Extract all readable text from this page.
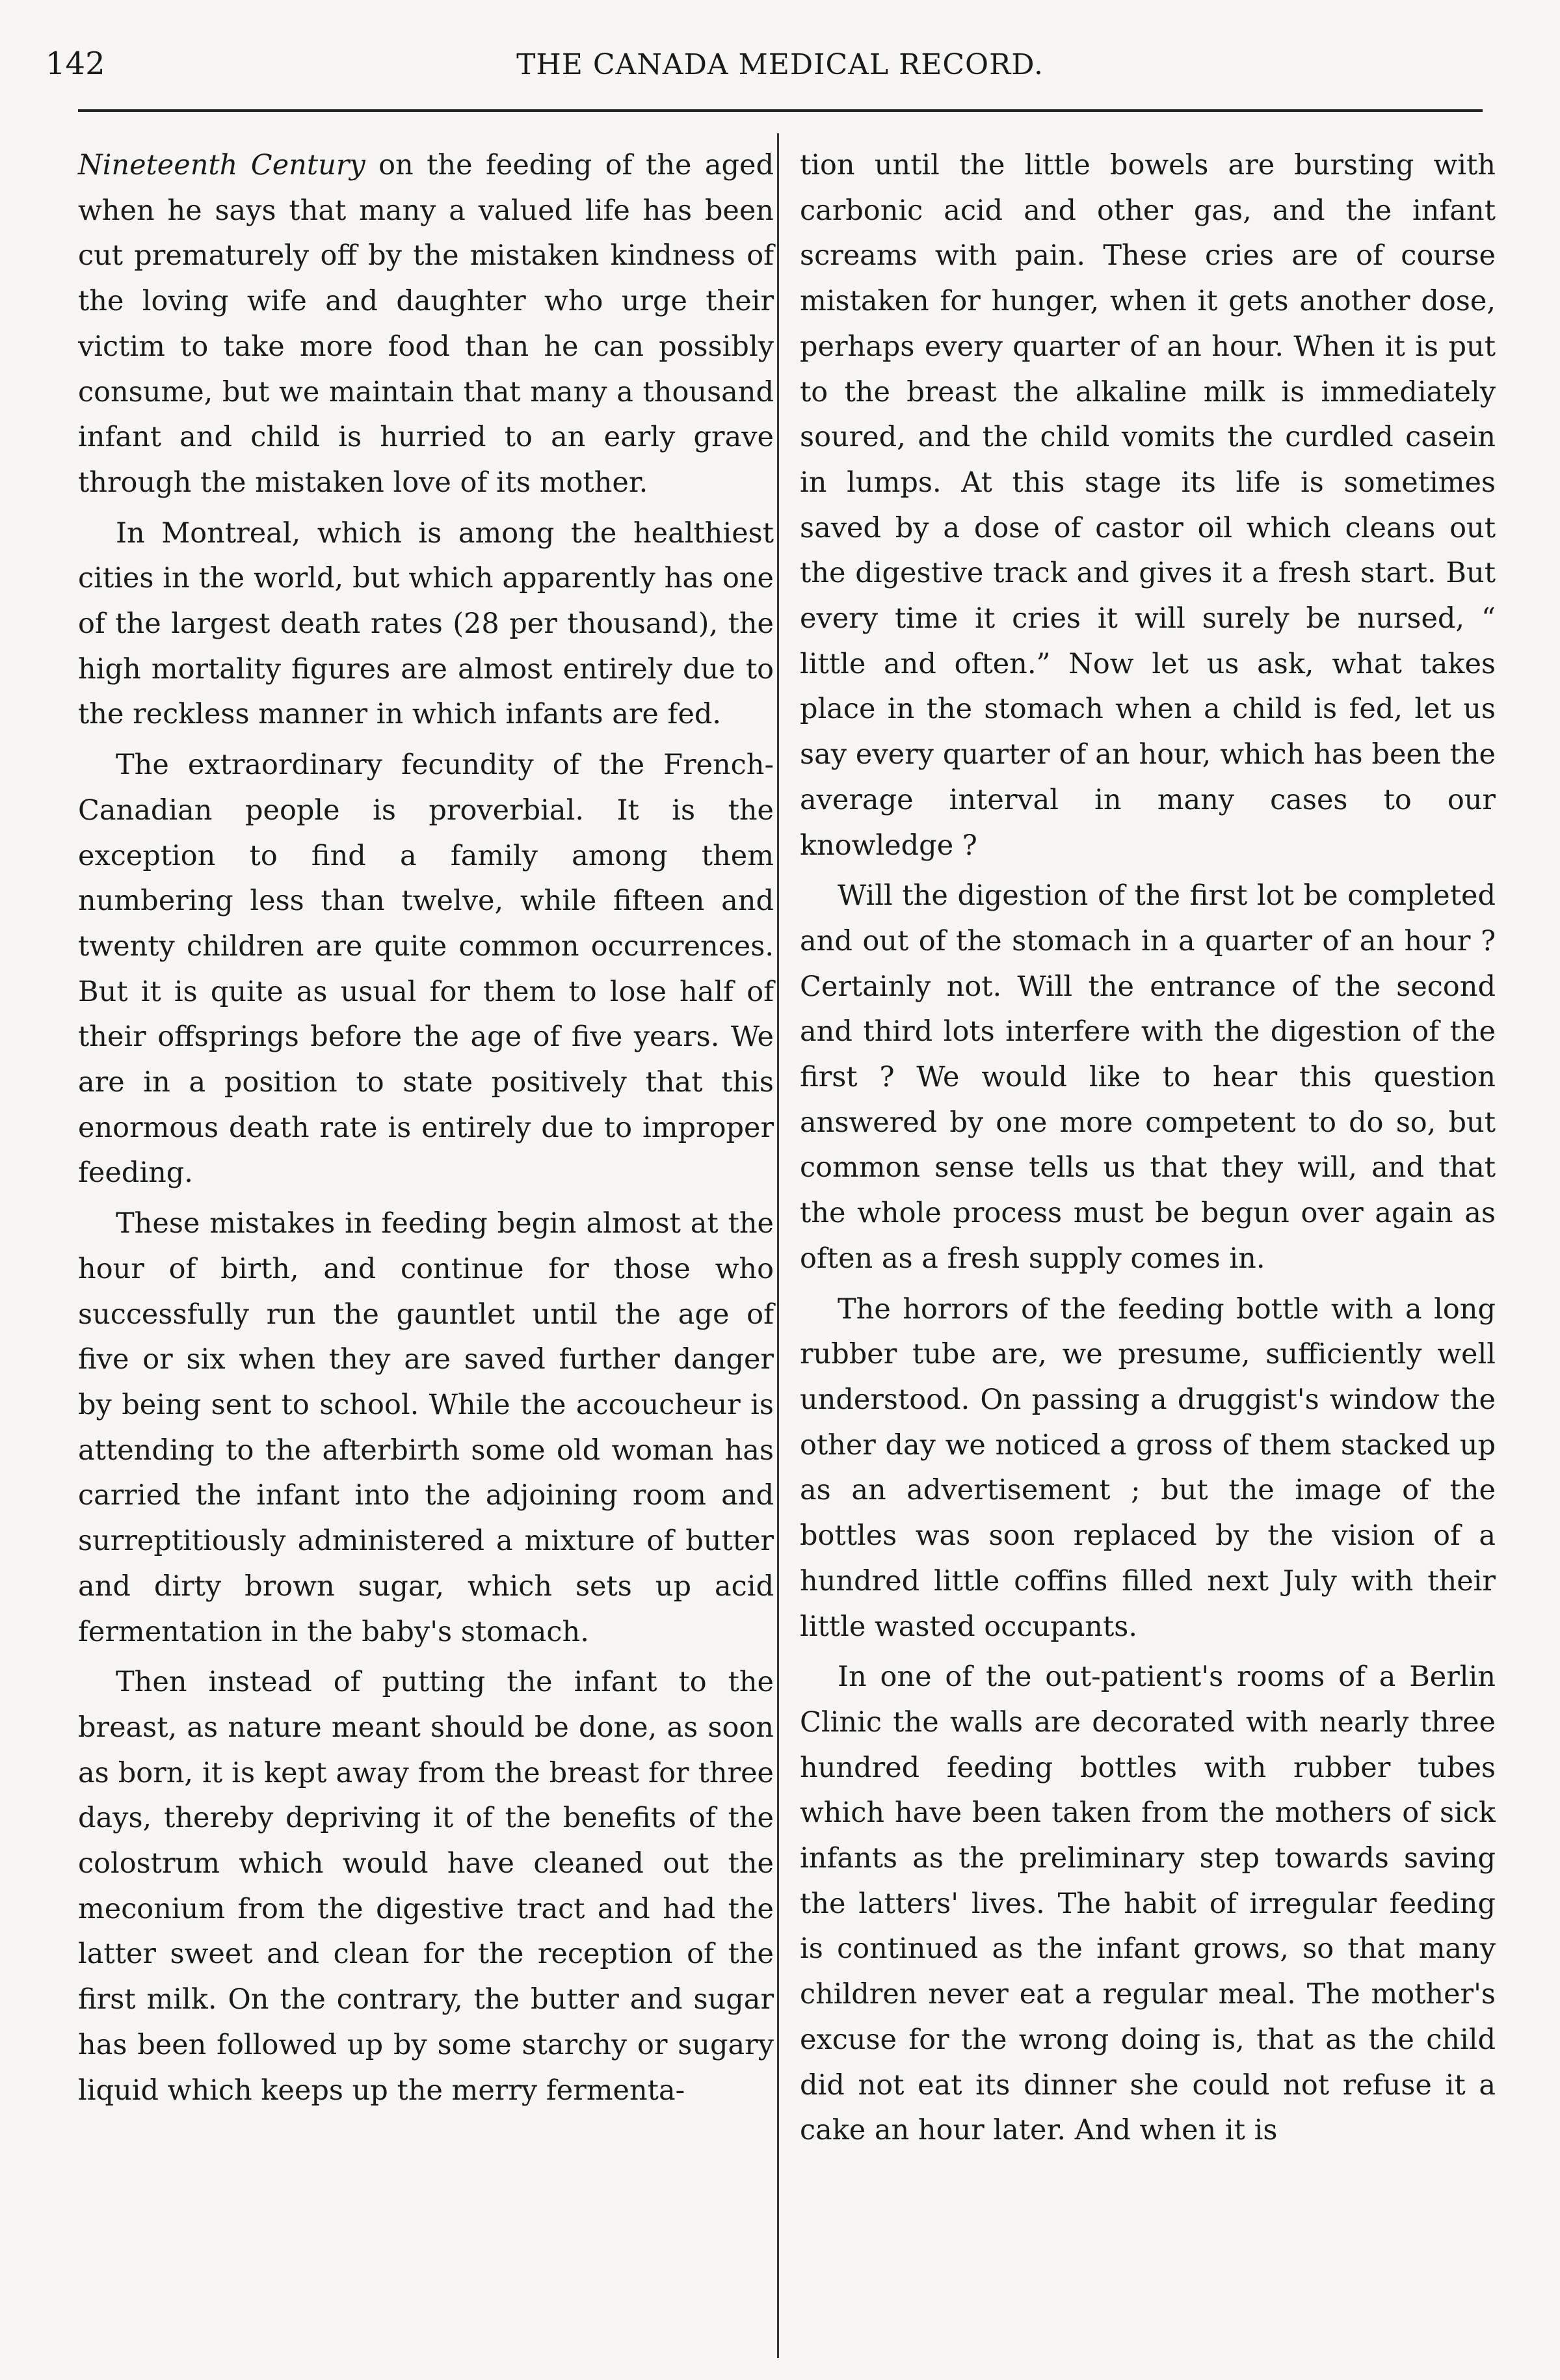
142	THE CANADA MEDICAL RECORD.

Nineteenth Century on the feeding of the aged when he says that many a valued life has been cut prematurely off by the mistaken kindness of the loving wife and daughter who urge their victim to take more food than he can possibly consume, but we maintain that many a thousand infant and child is hurried to an early grave through the mistaken love of its mother.

In Montreal, which is among the healthiest cities in the world, but which apparently has one of the largest death rates (28 per thousand), the high mortality figures are almost entirely due to the reckless manner in which infants are fed.

The extraordinary fecundity of the French-Canadian people is proverbial. It is the exception to find a family among them numbering less than twelve, while fifteen and twenty children are quite common occurrences. But it is quite as usual for them to lose half of their offsprings before the age of five years. We are in a position to state positively that this enormous death rate is entirely due to improper feeding.

These mistakes in feeding begin almost at the hour of birth, and continue for those who successfully run the gauntlet until the age of five or six when they are saved further danger by being sent to school. While the accoucheur is attending to the afterbirth some old woman has carried the infant into the adjoining room and surreptitiously administered a mixture of butter and dirty brown sugar, which sets up acid fermentation in the baby's stomach.

Then instead of putting the infant to the breast, as nature meant should be done, as soon as born, it is kept away from the breast for three days, thereby depriving it of the benefits of the colostrum which would have cleaned out the meconium from the digestive tract and had the latter sweet and clean for the reception of the first milk. On the contrary, the butter and sugar has been followed up by some starchy or sugary liquid which keeps up the merry fermenta-

tion until the little bowels are bursting with carbonic acid and other gas, and the infant screams with pain. These cries are of course mistaken for hunger, when it gets another dose, perhaps every quarter of an hour. When it is put to the breast the alkaline milk is immediately soured, and the child vomits the curdled casein in lumps. At this stage its life is sometimes saved by a dose of castor oil which cleans out the digestive track and gives it a fresh start. But every time it cries it will surely be nursed, “ little and often.” Now let us ask, what takes place in the stomach when a child is fed, let us say every quarter of an hour, which has been the average interval in many cases to our knowledge ?

Will the digestion of the first lot be completed and out of the stomach in a quarter of an hour ? Certainly not. Will the entrance of the second and third lots interfere with the digestion of the first ? We would like to hear this question answered by one more competent to do so, but common sense tells us that they will, and that the whole process must be begun over again as often as a fresh supply comes in.

The horrors of the feeding bottle with a long rubber tube are, we presume, sufficiently well understood. On passing a druggist's window the other day we noticed a gross of them stacked up as an advertisement ; but the image of the bottles was soon replaced by the vision of a hundred little coffins filled next July with their little wasted occupants.

In one of the out-patient's rooms of a Berlin Clinic the walls are decorated with nearly three hundred feeding bottles with rubber tubes which have been taken from the mothers of sick infants as the preliminary step towards saving the latters' lives. The habit of irregular feeding is continued as the infant grows, so that many children never eat a regular meal. The mother's excuse for the wrong doing is, that as the child did not eat its dinner she could not refuse it a cake an hour later. And when it is
